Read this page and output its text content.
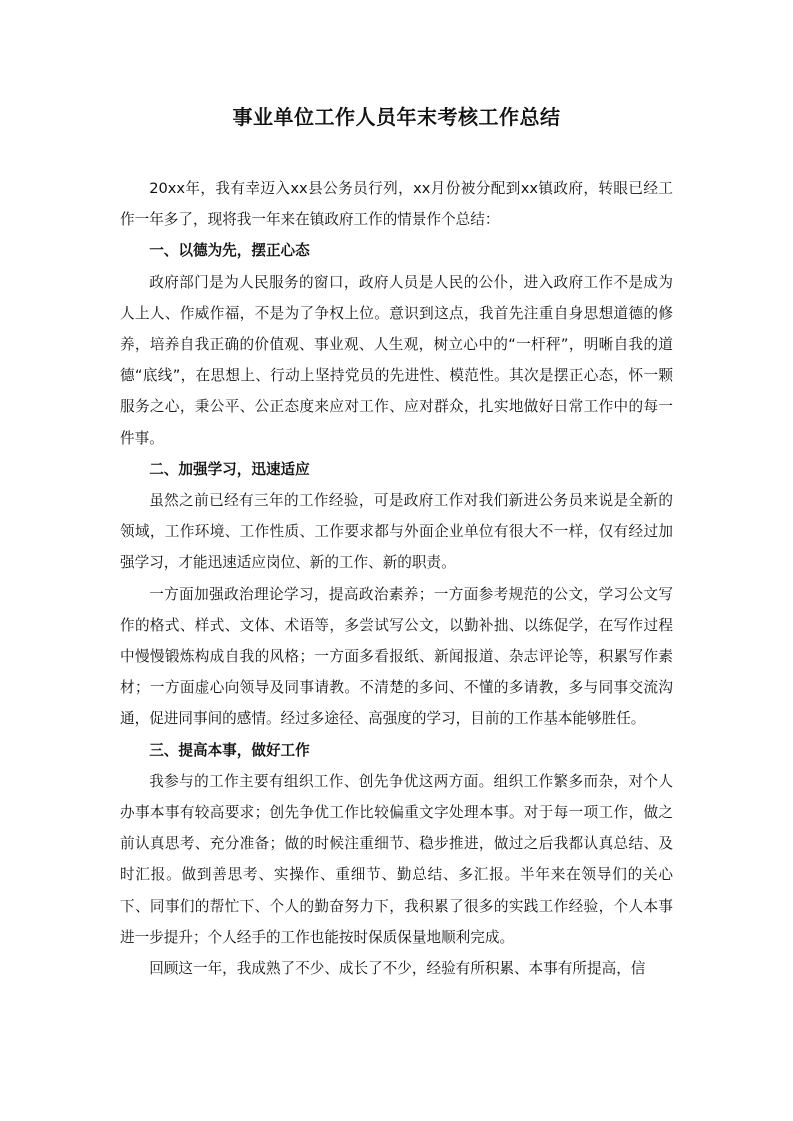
事业单位工作人员年末考核工作总结

20xx年，我有幸迈入xx县公务员行列，xx月份被分配到xx镇政府，转眼已经工作一年多了，现将我一年来在镇政府工作的情景作个总结：

一、以德为先，摆正心态

政府部门是为人民服务的窗口，政府人员是人民的公仆，进入政府工作不是成为人上人、作威作福，不是为了争权上位。意识到这点，我首先注重自身思想道德的修养，培养自我正确的价值观、事业观、人生观，树立心中的“一杆秤”，明晰自我的道德“底线”，在思想上、行动上坚持党员的先进性、模范性。其次是摆正心态，怀一颗服务之心，秉公平、公正态度来应对工作、应对群众，扎实地做好日常工作中的每一件事。

二、加强学习，迅速适应

虽然之前已经有三年的工作经验，可是政府工作对我们新进公务员来说是全新的领域，工作环境、工作性质、工作要求都与外面企业单位有很大不一样，仅有经过加强学习，才能迅速适应岗位、新的工作、新的职责。

一方面加强政治理论学习，提高政治素养；一方面参考规范的公文，学习公文写作的格式、样式、文体、术语等，多尝试写公文，以勤补拙、以练促学，在写作过程中慢慢锻炼构成自我的风格；一方面多看报纸、新闻报道、杂志评论等，积累写作素材；一方面虚心向领导及同事请教。不清楚的多问、不懂的多请教，多与同事交流沟通，促进同事间的感情。经过多途径、高强度的学习，目前的工作基本能够胜任。

三、提高本事，做好工作

我参与的工作主要有组织工作、创先争优这两方面。组织工作繁多而杂，对个人办事本事有较高要求；创先争优工作比较偏重文字处理本事。对于每一项工作，做之前认真思考、充分准备；做的时候注重细节、稳步推进，做过之后我都认真总结、及时汇报。做到善思考、实操作、重细节、勤总结、多汇报。半年来在领导们的关心下、同事们的帮忙下、个人的勤奋努力下，我积累了很多的实践工作经验，个人本事进一步提升；个人经手的工作也能按时保质保量地顺利完成。

回顾这一年，我成熟了不少、成长了不少，经验有所积累、本事有所提高，信
